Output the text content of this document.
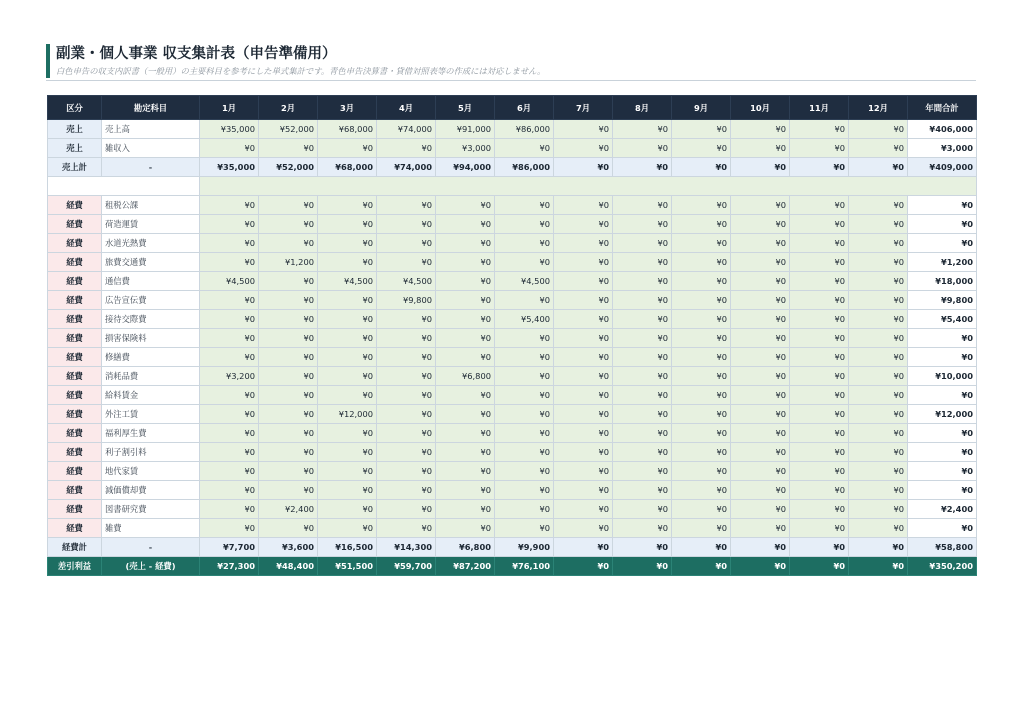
副業・個人事業 収支集計表（申告準備用）
白色申告の収支内訳書（一般用）の主要科目を参考にした単式集計です。青色申告決算書・貸借対照表等の作成には対応しません。
区分	勘定科目	1月	2月	3月	4月	5月	6月	7月	8月	9月	10月	11月	12月	年間合計
売上	売上高	¥35,000	¥52,000	¥68,000	¥74,000	¥91,000	¥86,000	¥0	¥0	¥0	¥0	¥0	¥0	¥406,000
売上	雑収入	¥0	¥0	¥0	¥0	¥3,000	¥0	¥0	¥0	¥0	¥0	¥0	¥0	¥3,000
売上計	-	¥35,000	¥52,000	¥68,000	¥74,000	¥94,000	¥86,000	¥0	¥0	¥0	¥0	¥0	¥0	¥409,000

経費	租税公課	¥0	¥0	¥0	¥0	¥0	¥0	¥0	¥0	¥0	¥0	¥0	¥0	¥0
経費	荷造運賃	¥0	¥0	¥0	¥0	¥0	¥0	¥0	¥0	¥0	¥0	¥0	¥0	¥0
経費	水道光熱費	¥0	¥0	¥0	¥0	¥0	¥0	¥0	¥0	¥0	¥0	¥0	¥0	¥0
経費	旅費交通費	¥0	¥1,200	¥0	¥0	¥0	¥0	¥0	¥0	¥0	¥0	¥0	¥0	¥1,200
経費	通信費	¥4,500	¥0	¥4,500	¥4,500	¥0	¥4,500	¥0	¥0	¥0	¥0	¥0	¥0	¥18,000
経費	広告宣伝費	¥0	¥0	¥0	¥9,800	¥0	¥0	¥0	¥0	¥0	¥0	¥0	¥0	¥9,800
経費	接待交際費	¥0	¥0	¥0	¥0	¥0	¥5,400	¥0	¥0	¥0	¥0	¥0	¥0	¥5,400
経費	損害保険料	¥0	¥0	¥0	¥0	¥0	¥0	¥0	¥0	¥0	¥0	¥0	¥0	¥0
経費	修繕費	¥0	¥0	¥0	¥0	¥0	¥0	¥0	¥0	¥0	¥0	¥0	¥0	¥0
経費	消耗品費	¥3,200	¥0	¥0	¥0	¥6,800	¥0	¥0	¥0	¥0	¥0	¥0	¥0	¥10,000
経費	給料賃金	¥0	¥0	¥0	¥0	¥0	¥0	¥0	¥0	¥0	¥0	¥0	¥0	¥0
経費	外注工賃	¥0	¥0	¥12,000	¥0	¥0	¥0	¥0	¥0	¥0	¥0	¥0	¥0	¥12,000
経費	福利厚生費	¥0	¥0	¥0	¥0	¥0	¥0	¥0	¥0	¥0	¥0	¥0	¥0	¥0
経費	利子割引料	¥0	¥0	¥0	¥0	¥0	¥0	¥0	¥0	¥0	¥0	¥0	¥0	¥0
経費	地代家賃	¥0	¥0	¥0	¥0	¥0	¥0	¥0	¥0	¥0	¥0	¥0	¥0	¥0
経費	減価償却費	¥0	¥0	¥0	¥0	¥0	¥0	¥0	¥0	¥0	¥0	¥0	¥0	¥0
経費	図書研究費	¥0	¥2,400	¥0	¥0	¥0	¥0	¥0	¥0	¥0	¥0	¥0	¥0	¥2,400
経費	雑費	¥0	¥0	¥0	¥0	¥0	¥0	¥0	¥0	¥0	¥0	¥0	¥0	¥0
経費計	-	¥7,700	¥3,600	¥16,500	¥14,300	¥6,800	¥9,900	¥0	¥0	¥0	¥0	¥0	¥0	¥58,800
差引利益	(売上 - 経費)	¥27,300	¥48,400	¥51,500	¥59,700	¥87,200	¥76,100	¥0	¥0	¥0	¥0	¥0	¥0	¥350,200
